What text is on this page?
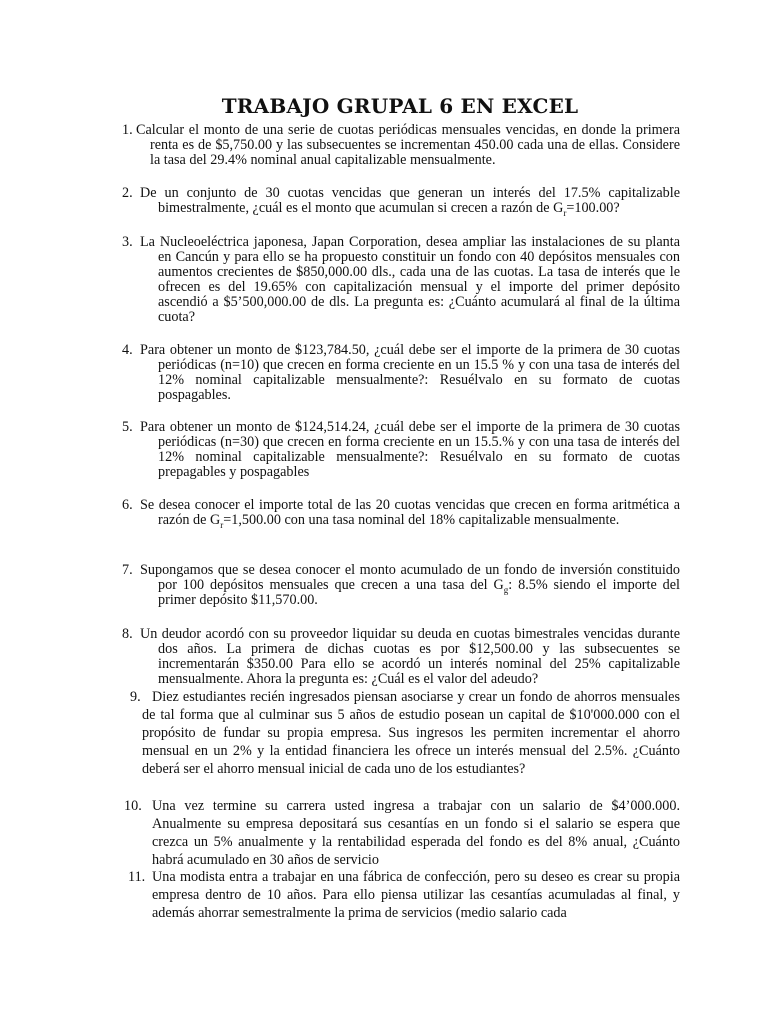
TRABAJO GRUPAL 6 EN EXCEL
1. Calcular el monto de una serie de cuotas periódicas mensuales vencidas, en donde la primera renta es de $5,750.00 y las subsecuentes se incrementan 450.00 cada una de ellas. Considere la tasa del 29.4% nominal anual capitalizable mensualmente.
2. De un conjunto de 30 cuotas vencidas que generan un interés del 17.5% capitalizable bimestralmente, ¿cuál es el monto que acumulan si crecen a razón de $G_r=100.00$?
3. La Nucleoeléctrica japonesa, Japan Corporation, desea ampliar las instalaciones de su planta en Cancún y para ello se ha propuesto constituir un fondo con 40 depósitos mensuales con aumentos crecientes de $850,000.00 dls., cada una de las cuotas. La tasa de interés que le ofrecen es del 19.65% con capitalización mensual y el importe del primer depósito ascendió a $5’500,000.00 de dls. La pregunta es: ¿Cuánto acumulará al final de la última cuota?
4. Para obtener un monto de $123,784.50, ¿cuál debe ser el importe de la primera de 30 cuotas periódicas (n=10) que crecen en forma creciente en un 15.5 % y con una tasa de interés del 12% nominal capitalizable mensualmente?: Resuélvalo en su formato de cuotas pospagables.
5. Para obtener un monto de $124,514.24, ¿cuál debe ser el importe de la primera de 30 cuotas periódicas (n=30) que crecen en forma creciente en un 15.5.% y con una tasa de interés del 12% nominal capitalizable mensualmente?: Resuélvalo en su formato de cuotas prepagables y pospagables
6. Se desea conocer el importe total de las 20 cuotas vencidas que crecen en forma aritmética a razón de $G_r=1,500.00$ con una tasa nominal del 18% capitalizable mensualmente.
7. Supongamos que se desea conocer el monto acumulado de un fondo de inversión constituido por 100 depósitos mensuales que crecen a una tasa del $G_g$: 8.5% siendo el importe del primer depósito $11,570.00.
8. Un deudor acordó con su proveedor liquidar su deuda en cuotas bimestrales vencidas durante dos años. La primera de dichas cuotas es por $12,500.00 y las subsecuentes se incrementarán $350.00 Para ello se acordó un interés nominal del 25% capitalizable mensualmente. Ahora la pregunta es: ¿Cuál es el valor del adeudo?
9. Diez estudiantes recién ingresados piensan asociarse y crear un fondo de ahorros mensuales de tal forma que al culminar sus 5 años de estudio posean un capital de $10'000.000 con el propósito de fundar su propia empresa. Sus ingresos les permiten incrementar el ahorro mensual en un 2% y la entidad financiera les ofrece un interés mensual del 2.5%. ¿Cuánto deberá ser el ahorro mensual inicial de cada uno de los estudiantes?
10. Una vez termine su carrera usted ingresa a trabajar con un salario de $4’000.000. Anualmente su empresa depositará sus cesantías en un fondo si el salario se espera que crezca un 5% anualmente y la rentabilidad esperada del fondo es del 8% anual, ¿Cuánto habrá acumulado en 30 años de servicio
11. Una modista entra a trabajar en una fábrica de confección, pero su deseo es crear su propia empresa dentro de 10 años. Para ello piensa utilizar las cesantías acumuladas al final, y además ahorrar semestralmente la prima de servicios (medio salario cada
